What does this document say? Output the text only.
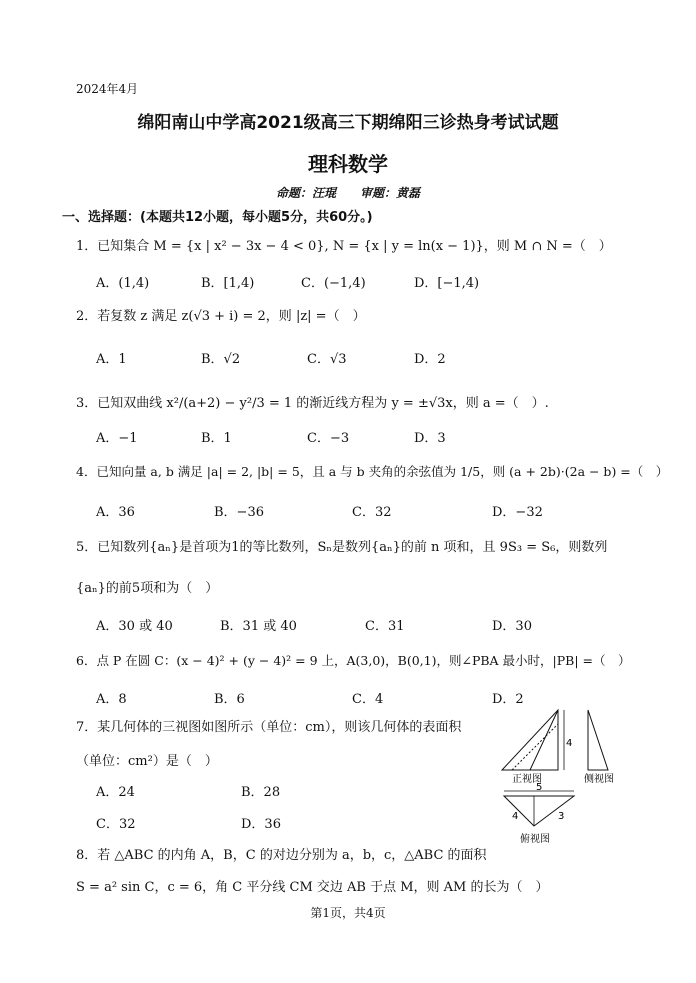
2024年4月
绵阳南山中学高2021级高三下期绵阳三诊热身考试试题
理科数学
命题：汪琨　　审题：黄磊
一、选择题：(本题共12小题，每小题5分，共60分。)
1．已知集合 M = {x | x² − 3x − 4 < 0}, N = {x | y = ln(x − 1)}，则 M ∩ N =（　）
A．(1,4)	B．[1,4)	C．(−1,4)	D．[−1,4)
2．若复数 z 满足 z(√3 + i) = 2，则 |z| =（　）
A．1	B．√2	C．√3	D．2
3．已知双曲线 x²/(a+2) − y²/3 = 1 的渐近线方程为 y = ±√3x，则 a =（　）.
A．−1	B．1	C．−3	D．3
4．已知向量 a, b 满足 |a| = 2, |b| = 5，且 a 与 b 夹角的余弦值为 1/5，则 (a + 2b)·(2a − b) =（　）
A．36	B．−36	C．32	D．−32
5．已知数列{aₙ}是首项为1的等比数列，Sₙ是数列{aₙ}的前 n 项和，且 9S₃ = S₆，则数列
{aₙ}的前5项和为（　）
A．30 或 40	B．31 或 40	C．31	D．30
6．点 P 在圆 C：(x − 4)² + (y − 4)² = 9 上，A(3,0)，B(0,1)，则∠PBA 最小时，|PB| =（　）
A．8	B．6	C．4	D．2
7．某几何体的三视图如图所示（单位：cm），则该几何体的表面积
（单位：cm²）是（　）
A．24	B．28
C．32	D．36
4
正视图	侧视图
5
4	3
俯视图
8．若 △ABC 的内角 A，B，C 的对边分别为 a，b，c，△ABC 的面积
S = a² sin C，c = 6，角 C 平分线 CM 交边 AB 于点 M，则 AM 的长为（　）
第1页，共4页
